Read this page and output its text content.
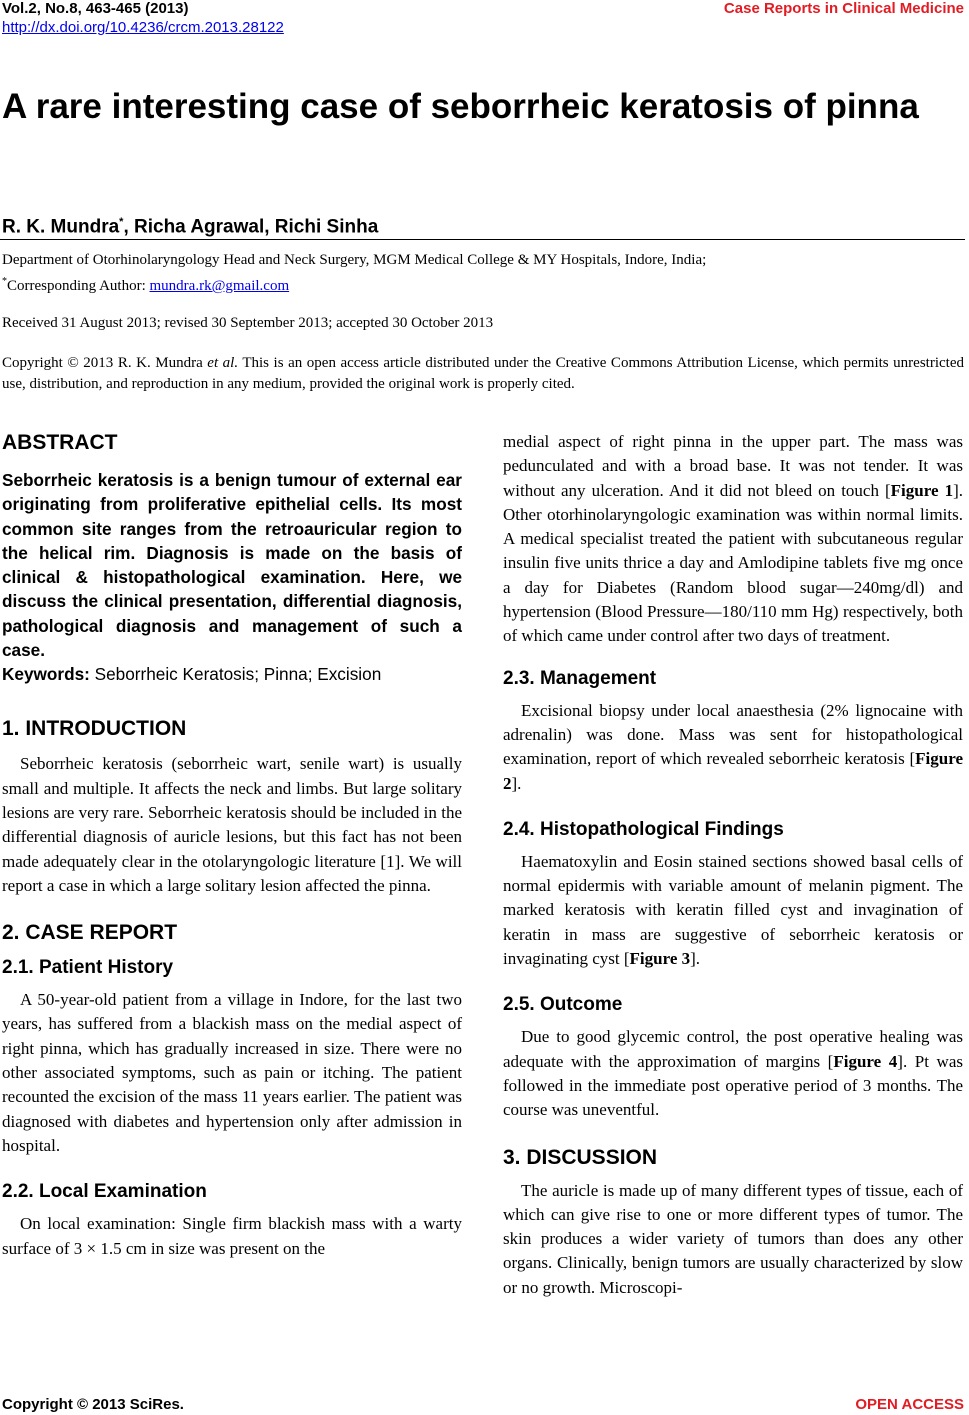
Vol.2, No.8, 463-465 (2013)
http://dx.doi.org/10.4236/crcm.2013.28122
Case Reports in Clinical Medicine
A rare interesting case of seborrheic keratosis of pinna
R. K. Mundra*, Richa Agrawal, Richi Sinha
Department of Otorhinolaryngology Head and Neck Surgery, MGM Medical College & MY Hospitals, Indore, India;
*Corresponding Author: mundra.rk@gmail.com
Received 31 August 2013; revised 30 September 2013; accepted 30 October 2013
Copyright © 2013 R. K. Mundra et al. This is an open access article distributed under the Creative Commons Attribution License, which permits unrestricted use, distribution, and reproduction in any medium, provided the original work is properly cited.
ABSTRACT

Seborrheic keratosis is a benign tumour of external ear originating from proliferative epithelial cells. Its most common site ranges from the retroauricular region to the helical rim. Diagnosis is made on the basis of clinical & histopathological examination. Here, we discuss the clinical presentation, differential diagnosis, pathological diagnosis and management of such a case.

Keywords: Seborrheic Keratosis; Pinna; Excision

1. INTRODUCTION

Seborrheic keratosis (seborrheic wart, senile wart) is usually small and multiple. It affects the neck and limbs. But large solitary lesions are very rare. Seborrheic keratosis should be included in the differential diagnosis of auricle lesions, but this fact has not been made adequately clear in the otolaryngologic literature [1]. We will report a case in which a large solitary lesion affected the pinna.

2. CASE REPORT
2.1. Patient History

A 50-year-old patient from a village in Indore, for the last two years, has suffered from a blackish mass on the medial aspect of right pinna, which has gradually increased in size. There were no other associated symptoms, such as pain or itching. The patient recounted the excision of the mass 11 years earlier. The patient was diagnosed with diabetes and hypertension only after admission in hospital.

2.2. Local Examination

On local examination: Single firm blackish mass with a warty surface of 3 × 1.5 cm in size was present on the

medial aspect of right pinna in the upper part. The mass was pedunculated and with a broad base. It was not tender. It was without any ulceration. And it did not bleed on touch [Figure 1]. Other otorhinolaryngologic examination was within normal limits. A medical specialist treated the patient with subcutaneous regular insulin five units thrice a day and Amlodipine tablets five mg once a day for Diabetes (Random blood sugar—240mg/dl) and hypertension (Blood Pressure—180/110 mm Hg) respectively, both of which came under control after two days of treatment.

2.3. Management

Excisional biopsy under local anaesthesia (2% lignocaine with adrenalin) was done. Mass was sent for histopathological examination, report of which revealed seborrheic keratosis [Figure 2].

2.4. Histopathological Findings

Haematoxylin and Eosin stained sections showed basal cells of normal epidermis with variable amount of melanin pigment. The marked keratosis with keratin filled cyst and invagination of keratin in mass are suggestive of seborrheic keratosis or invaginating cyst [Figure 3].

2.5. Outcome

Due to good glycemic control, the post operative healing was adequate with the approximation of margins [Figure 4]. Pt was followed in the immediate post operative period of 3 months. The course was uneventful.

3. DISCUSSION

The auricle is made up of many different types of tissue, each of which can give rise to one or more different types of tumor. The skin produces a wider variety of tumors than does any other organs. Clinically, benign tumors are usually characterized by slow or no growth. Microscopi-

Copyright © 2013 SciRes.	OPEN ACCESS
